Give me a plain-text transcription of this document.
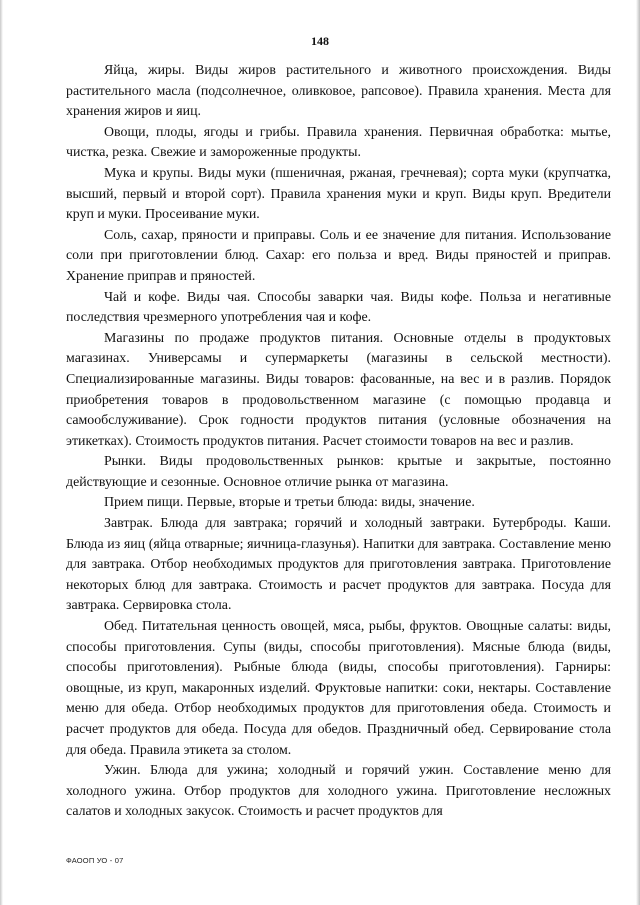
148

Яйца, жиры. Виды жиров растительного и животного происхождения. Виды растительного масла (подсолнечное, оливковое, рапсовое). Правила хранения. Места для хранения жиров и яиц.

Овощи, плоды, ягоды и грибы. Правила хранения. Первичная обработка: мытье, чистка, резка. Свежие и замороженные продукты.

Мука и крупы. Виды муки (пшеничная, ржаная, гречневая); сорта муки (крупчатка, высший, первый и второй сорт). Правила хранения муки и круп. Виды круп. Вредители круп и муки. Просеивание муки.

Соль, сахар, пряности и приправы. Соль и ее значение для питания. Использование соли при приготовлении блюд. Сахар: его польза и вред. Виды пряностей и приправ. Хранение приправ и пряностей.

Чай и кофе. Виды чая. Способы заварки чая. Виды кофе. Польза и негативные последствия чрезмерного употребления чая и кофе.

Магазины по продаже продуктов питания. Основные отделы в продуктовых магазинах. Универсамы и супермаркеты (магазины в сельской местности). Специализированные магазины. Виды товаров: фасованные, на вес и в разлив. Порядок приобретения товаров в продовольственном магазине (с помощью продавца и самообслуживание). Срок годности продуктов питания (условные обозначения на этикетках). Стоимость продуктов питания. Расчет стоимости товаров на вес и разлив.

Рынки. Виды продовольственных рынков: крытые и закрытые, постоянно действующие и сезонные. Основное отличие рынка от магазина.

Прием пищи. Первые, вторые и третьи блюда: виды, значение.

Завтрак. Блюда для завтрака; горячий и холодный завтраки. Бутерброды. Каши. Блюда из яиц (яйца отварные; яичница-глазунья). Напитки для завтрака. Составление меню для завтрака. Отбор необходимых продуктов для приготовления завтрака. Приготовление некоторых блюд для завтрака. Стоимость и расчет продуктов для завтрака. Посуда для завтрака. Сервировка стола.

Обед. Питательная ценность овощей, мяса, рыбы, фруктов. Овощные салаты: виды, способы приготовления. Супы (виды, способы приготовления). Мясные блюда (виды, способы приготовления). Рыбные блюда (виды, способы приготовления). Гарниры: овощные, из круп, макаронных изделий. Фруктовые напитки: соки, нектары. Составление меню для обеда. Отбор необходимых продуктов для приготовления обеда. Стоимость и расчет продуктов для обеда. Посуда для обедов. Праздничный обед. Сервирование стола для обеда. Правила этикета за столом.

Ужин. Блюда для ужина; холодный и горячий ужин. Составление меню для холодного ужина. Отбор продуктов для холодного ужина. Приготовление несложных салатов и холодных закусок. Стоимость и расчет продуктов для

ФАООП УО - 07
